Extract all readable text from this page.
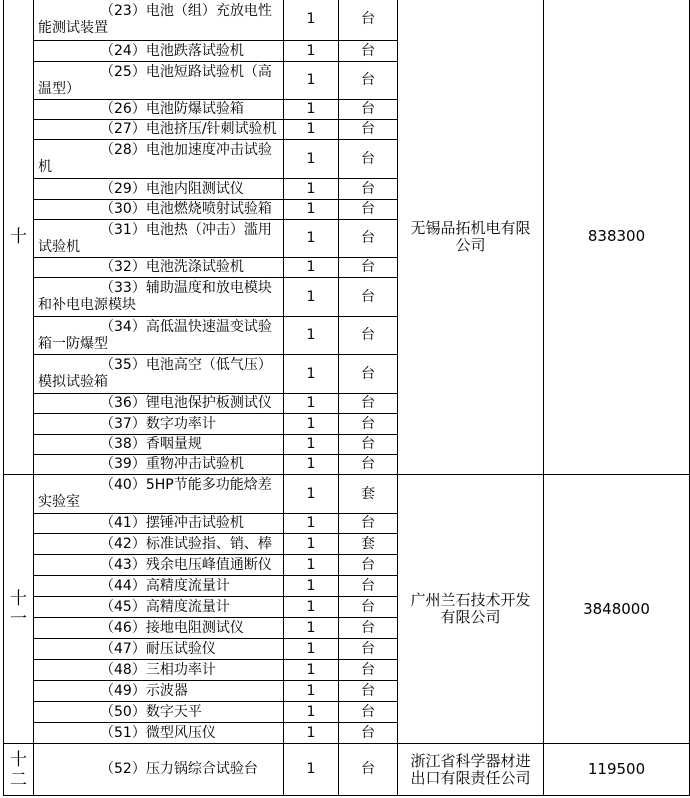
十	（23）电池（组）充放电性能测试装置	1	台	无锡品拓机电有限公司	838300

	（24）电池跌落试验机	1	台		

	（25）电池短路试验机（高温型）	1	台		

	（26）电池防爆试验箱	1	台		

	（27）电池挤压/针刺试验机	1	台		

	（28）电池加速度冲击试验机	1	台		

	（29）电池内阻测试仪	1	台		

	（30）电池燃烧喷射试验箱	1	台		

	（31）电池热（冲击）滥用试验机	1	台		

	（32）电池洗涤试验机	1	台		

	（33）辅助温度和放电模块和补电电源模块	1	台		

	（34）高低温快速温变试验箱一防爆型	1	台		

	（35）电池高空（低气压）模拟试验箱	1	台		

	（36）锂电池保护板测试仪	1	台		

	（37）数字功率计	1	台		

	（38）香咽量规	1	台		

	（39）重物冲击试验机	1	台		

十
一	（40）5HP节能多功能焓差实验室	1	套	广州兰石技术开发有限公司	3848000

	（41）摆锤冲击试验机	1	台		

	（42）标准试验指、销、棒	1	套		

	（43）残余电压峰值通断仪	1	台		

	（44）高精度流量计	1	台		

	（45）高精度流量计	1	台		

	（46）接地电阻测试仪	1	台		

	（47）耐压试验仪	1	台		

	（48）三相功率计	1	台		

	（49）示波器	1	台		

	（50）数字天平	1	台		

	（51）微型风压仪	1	台		

十
二	（52）压力锅综合试验台	1	台	浙江省科学器材进出口有限责任公司	119500
